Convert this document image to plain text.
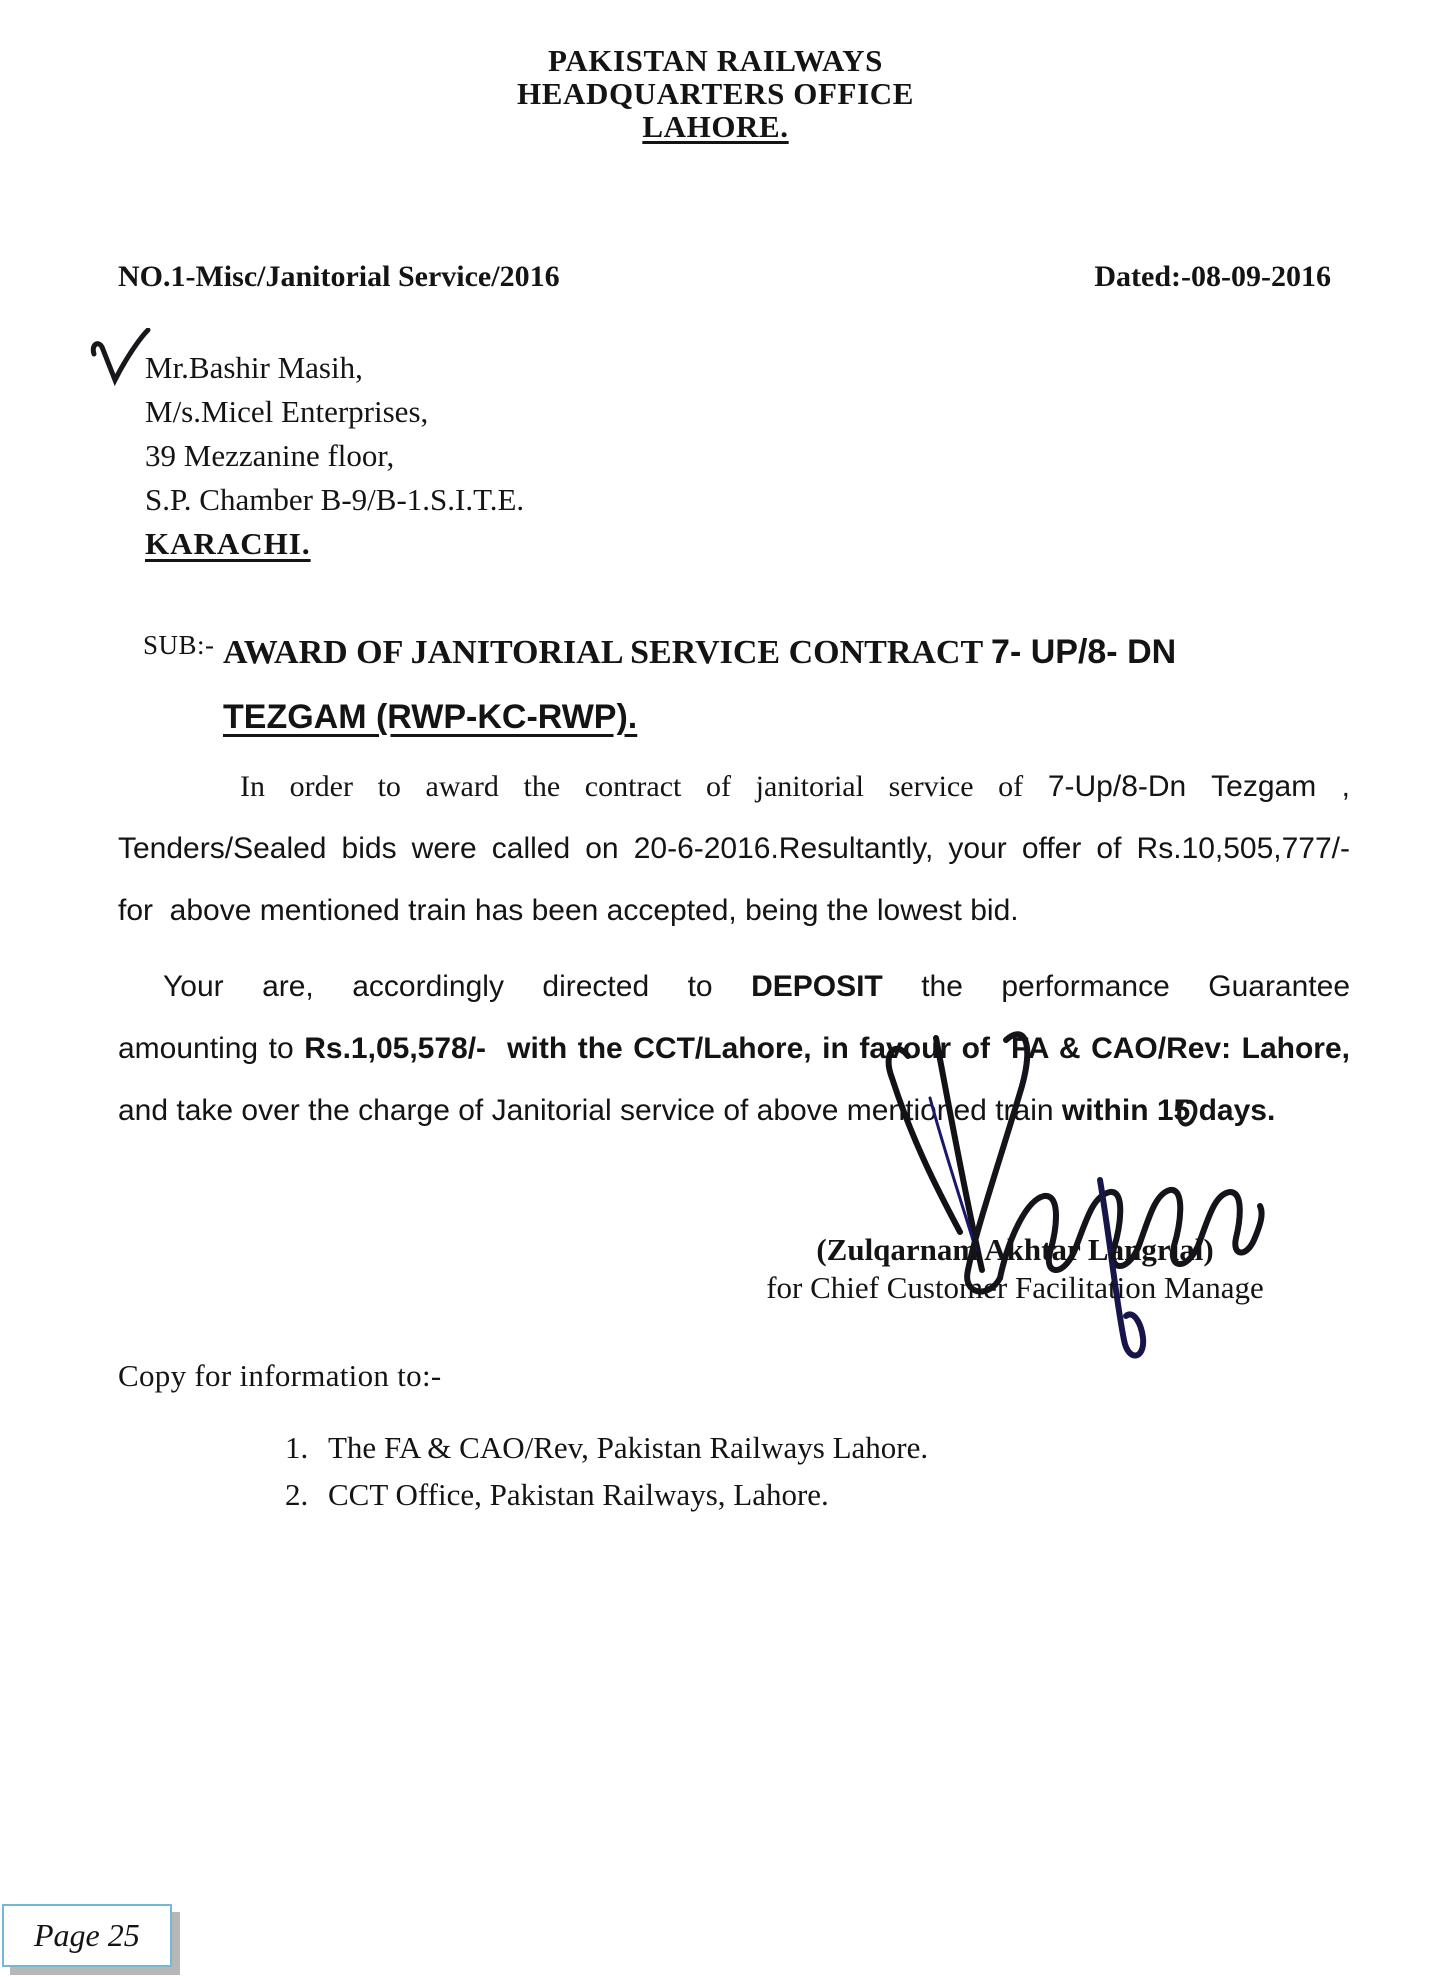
PAKISTAN RAILWAYS
HEADQUARTERS OFFICE
LAHORE.
NO.1-Misc/Janitorial Service/2016	Dated:-08-09-2016
Mr.Bashir Masih,
M/s.Micel Enterprises,
39 Mezzanine floor,
S.P. Chamber B-9/B-1.S.I.T.E.
KARACHI.
SUB:- AWARD OF JANITORIAL SERVICE CONTRACT 7- UP/8- DN
TEZGAM (RWP-KC-RWP).
In order to award the contract of janitorial service of 7-Up/8-Dn Tezgam ,
Tenders/Sealed bids were called on 20-6-2016.Resultantly, your offer of Rs.10,505,777/-
for  above mentioned train has been accepted, being the lowest bid.
Your are, accordingly directed to DEPOSIT the performance Guarantee
amounting to Rs.1,05,578/-  with the CCT/Lahore, in favour of  FA & CAO/Rev: Lahore,
and take over the charge of Janitorial service of above mentioned train within 15 days.
(Zulqarnam Akhtar Langrial)
for Chief Customer Facilitation Manage
Copy for information to:-
1. The FA & CAO/Rev, Pakistan Railways Lahore.
2. CCT Office, Pakistan Railways, Lahore.
Page 25
